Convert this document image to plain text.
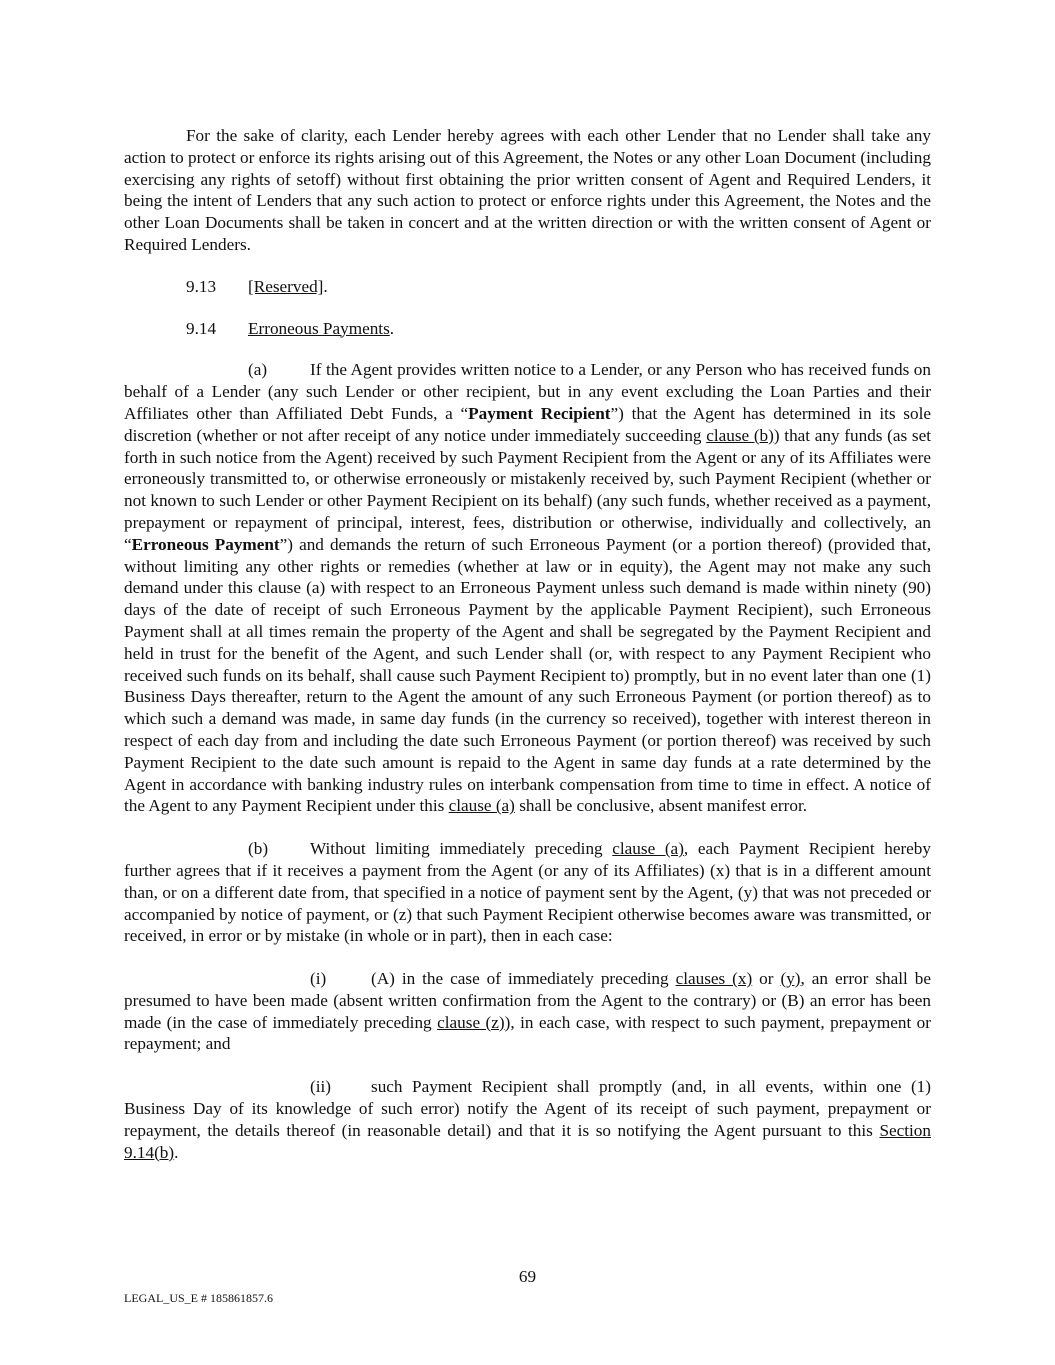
For the sake of clarity, each Lender hereby agrees with each other Lender that no Lender shall take any action to protect or enforce its rights arising out of this Agreement, the Notes or any other Loan Document (including exercising any rights of setoff) without first obtaining the prior written consent of Agent and Required Lenders, it being the intent of Lenders that any such action to protect or enforce rights under this Agreement, the Notes and the other Loan Documents shall be taken in concert and at the written direction or with the written consent of Agent or Required Lenders.

9.13 [Reserved].
9.14 Erroneous Payments.

(a) If the Agent provides written notice to a Lender, or any Person who has received funds on behalf of a Lender (any such Lender or other recipient, but in any event excluding the Loan Parties and their Affiliates other than Affiliated Debt Funds, a “Payment Recipient”) that the Agent has determined in its sole discretion (whether or not after receipt of any notice under immediately succeeding clause (b)) that any funds (as set forth in such notice from the Agent) received by such Payment Recipient from the Agent or any of its Affiliates were erroneously transmitted to, or otherwise erroneously or mistakenly received by, such Payment Recipient (whether or not known to such Lender or other Payment Recipient on its behalf) (any such funds, whether received as a payment, prepayment or repayment of principal, interest, fees, distribution or otherwise, individually and collectively, an “Erroneous Payment”) and demands the return of such Erroneous Payment (or a portion thereof) (provided that, without limiting any other rights or remedies (whether at law or in equity), the Agent may not make any such demand under this clause (a) with respect to an Erroneous Payment unless such demand is made within ninety (90) days of the date of receipt of such Erroneous Payment by the applicable Payment Recipient), such Erroneous Payment shall at all times remain the property of the Agent and shall be segregated by the Payment Recipient and held in trust for the benefit of the Agent, and such Lender shall (or, with respect to any Payment Recipient who received such funds on its behalf, shall cause such Payment Recipient to) promptly, but in no event later than one (1) Business Days thereafter, return to the Agent the amount of any such Erroneous Payment (or portion thereof) as to which such a demand was made, in same day funds (in the currency so received), together with interest thereon in respect of each day from and including the date such Erroneous Payment (or portion thereof) was received by such Payment Recipient to the date such amount is repaid to the Agent in same day funds at a rate determined by the Agent in accordance with banking industry rules on interbank compensation from time to time in effect. A notice of the Agent to any Payment Recipient under this clause (a) shall be conclusive, absent manifest error.

(b) Without limiting immediately preceding clause (a), each Payment Recipient hereby further agrees that if it receives a payment from the Agent (or any of its Affiliates) (x) that is in a different amount than, or on a different date from, that specified in a notice of payment sent by the Agent, (y) that was not preceded or accompanied by notice of payment, or (z) that such Payment Recipient otherwise becomes aware was transmitted, or received, in error or by mistake (in whole or in part), then in each case:

(i)	(A) in the case of immediately preceding clauses (x) or (y), an error shall be presumed to have been made (absent written confirmation from the Agent to the contrary) or (B) an error has been made (in the case of immediately preceding clause (z)), in each case, with respect to such payment, prepayment or repayment; and

(ii) such Payment Recipient shall promptly (and, in all events, within one (1) Business Day of its knowledge of such error) notify the Agent of its receipt of such payment, prepayment or repayment, the details thereof (in reasonable detail) and that it is so notifying the Agent pursuant to this Section 9.14(b).

69
LEGAL_US_E # 185861857.6
